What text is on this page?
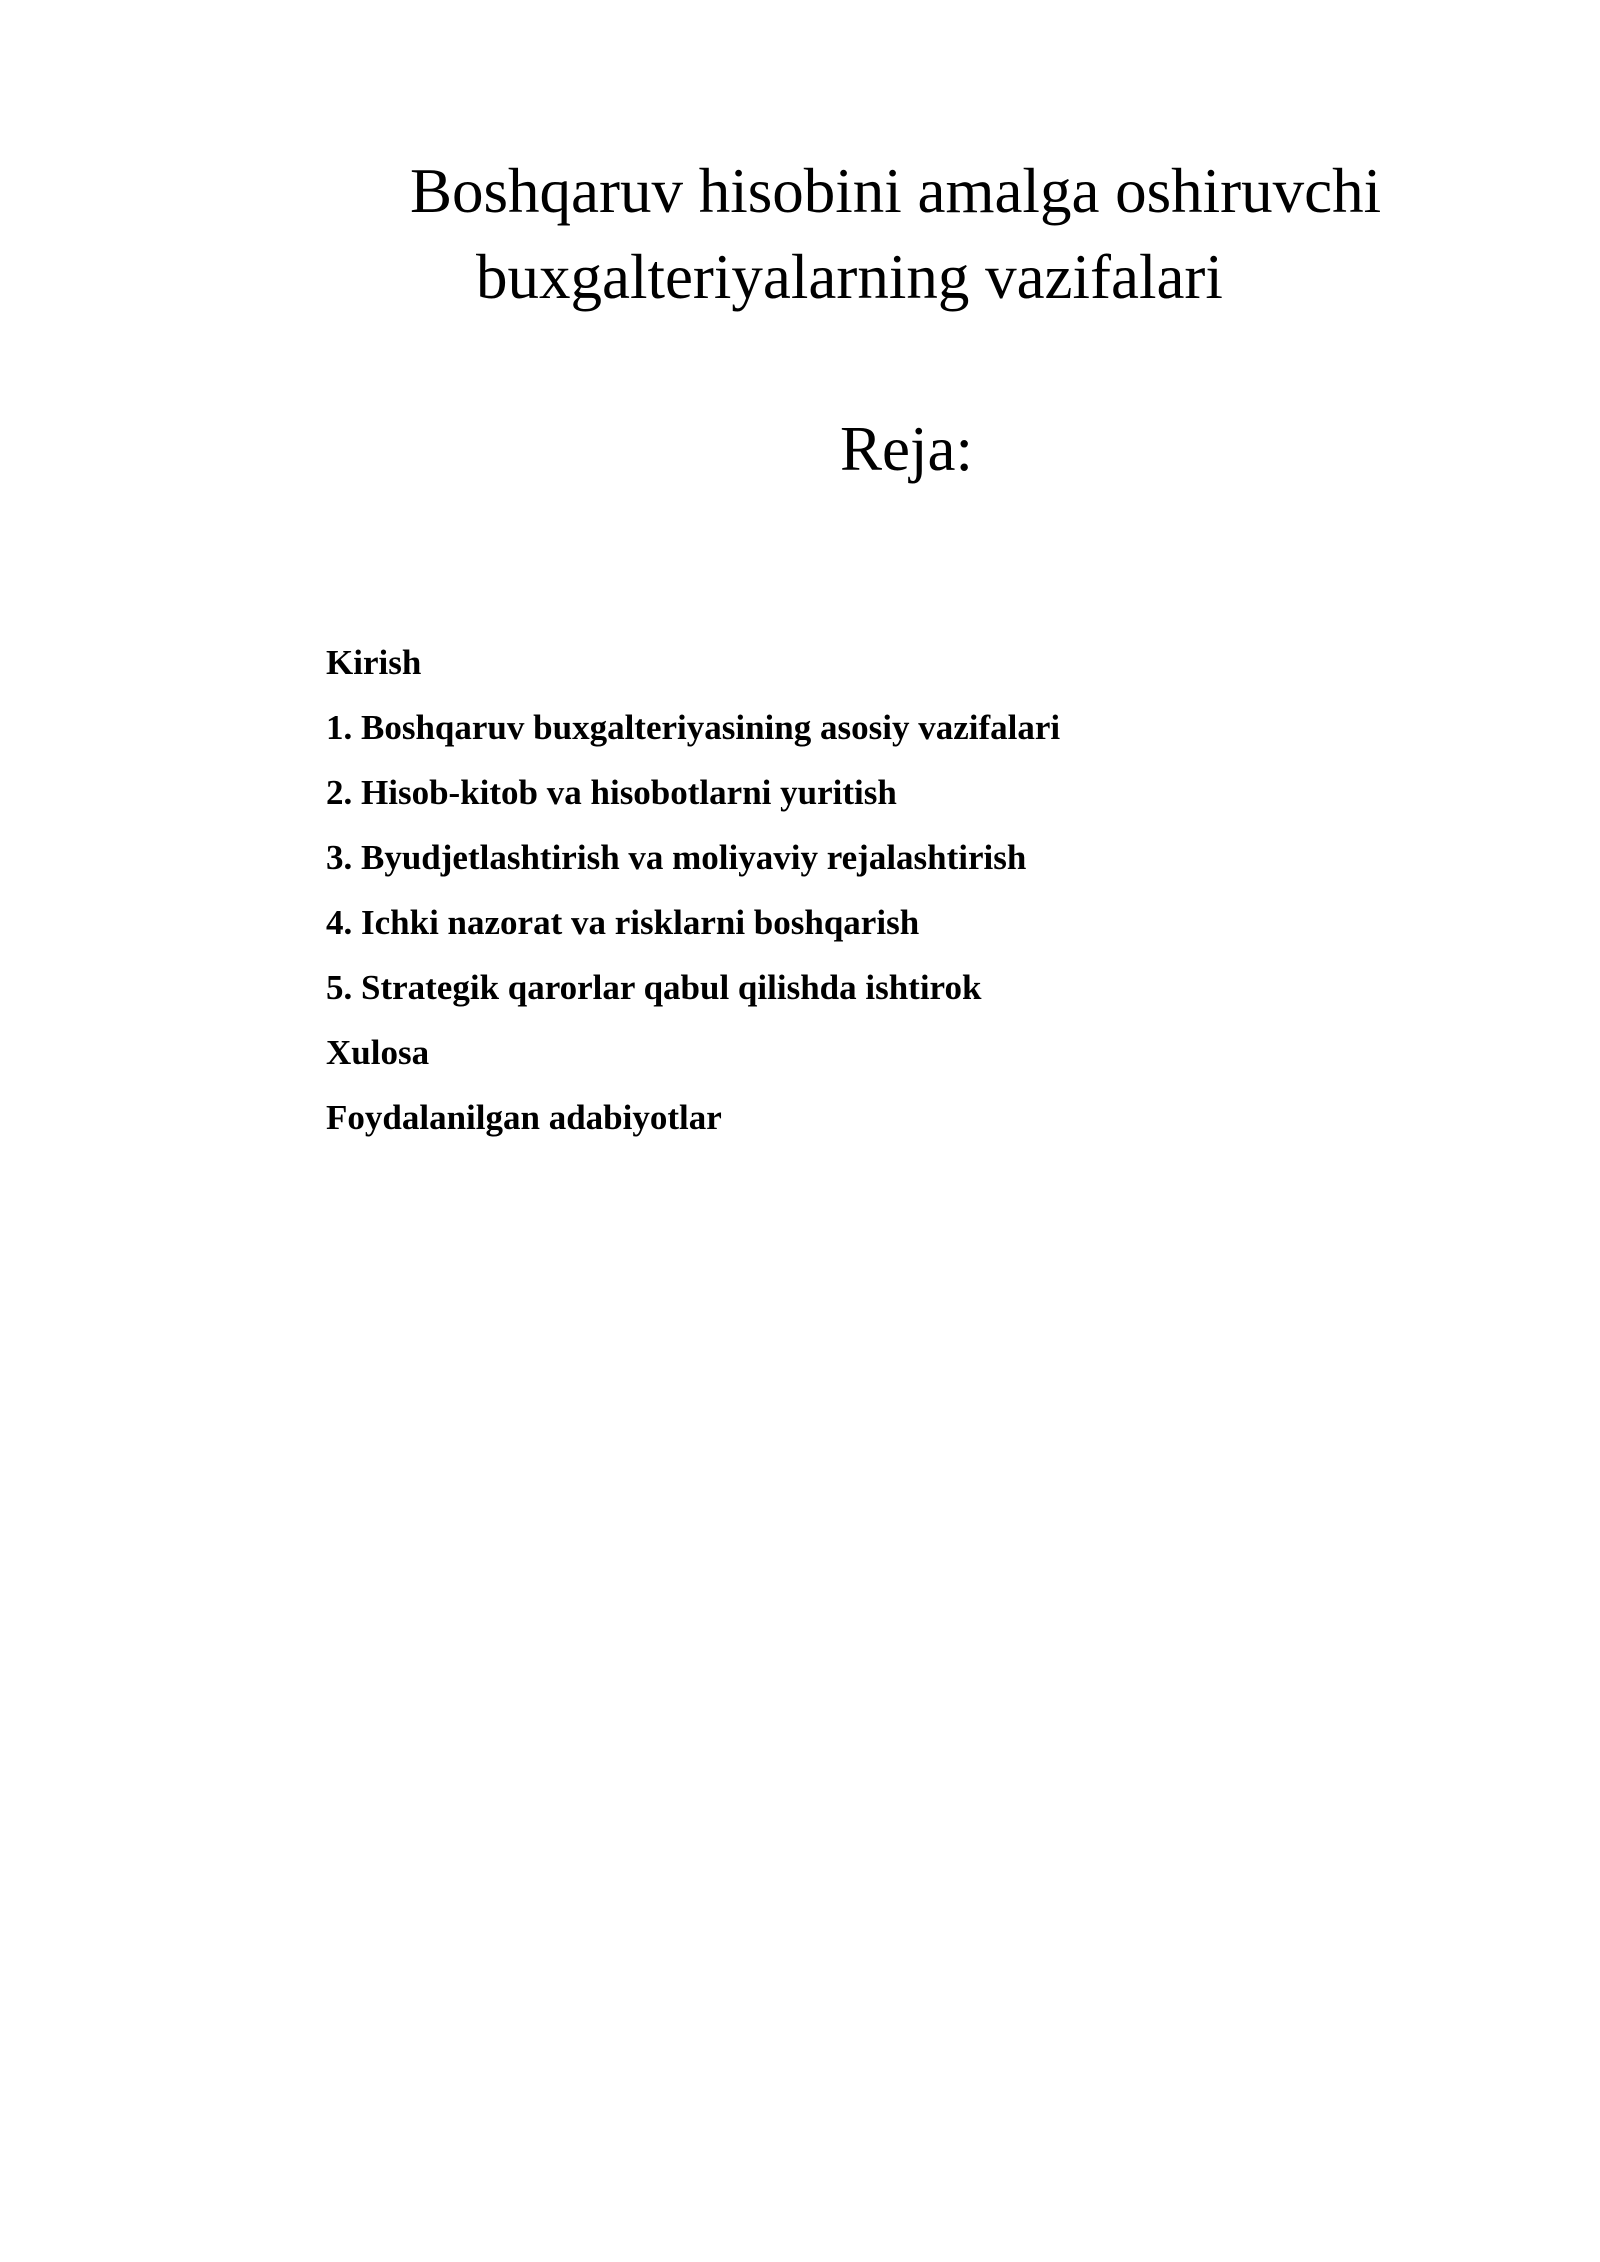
Boshqaruv hisobini amalga oshiruvchi
buxgalteriyalarning vazifalari
Reja:
Kirish
1. Boshqaruv buxgalteriyasining asosiy vazifalari
2. Hisob-kitob va hisobotlarni yuritish
3. Byudjetlashtirish va moliyaviy rejalashtirish
4. Ichki nazorat va risklarni boshqarish
5. Strategik qarorlar qabul qilishda ishtirok
Xulosa
Foydalanilgan adabiyotlar
